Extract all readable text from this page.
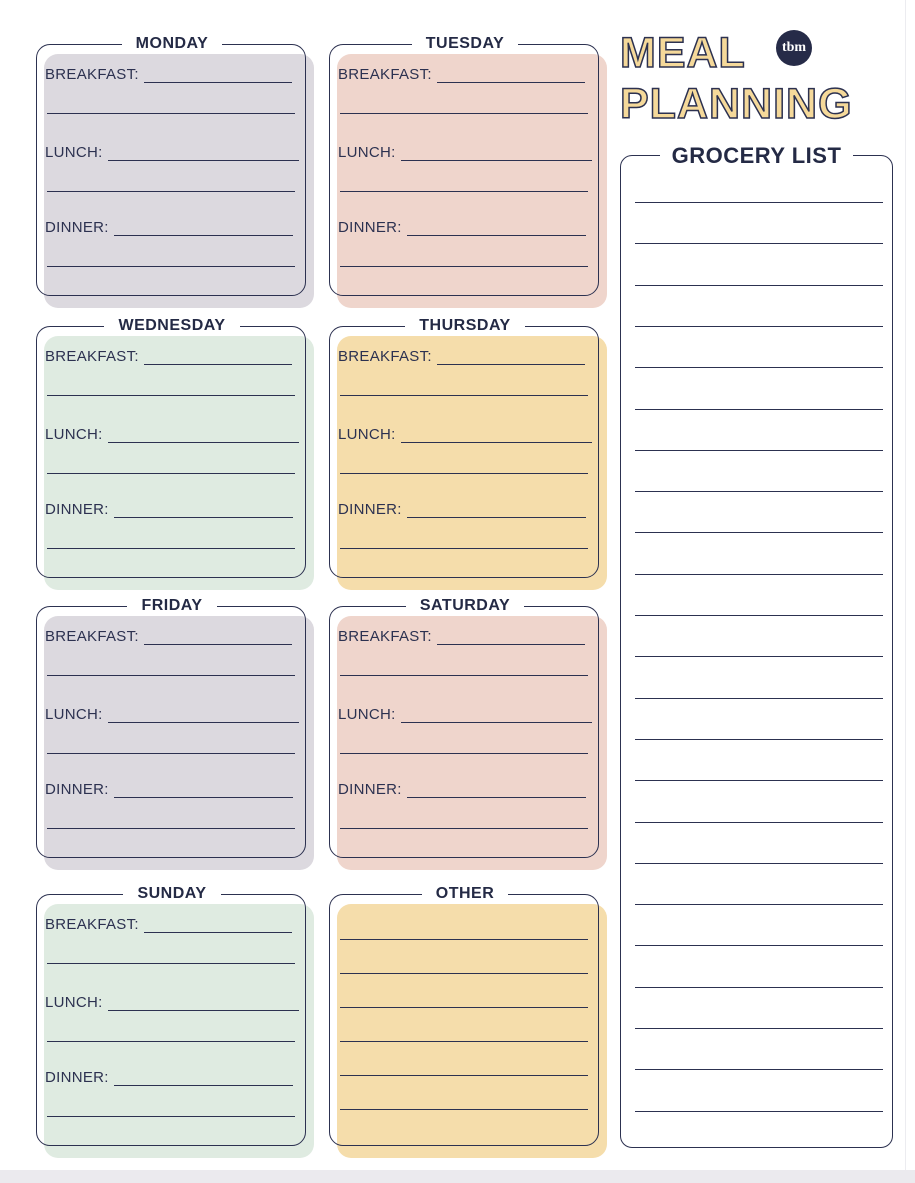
MONDAY
BREAKFAST:
LUNCH:
DINNER:
TUESDAY
BREAKFAST:
LUNCH:
DINNER:
WEDNESDAY
BREAKFAST:
LUNCH:
DINNER:
THURSDAY
BREAKFAST:
LUNCH:
DINNER:
FRIDAY
BREAKFAST:
LUNCH:
DINNER:
SATURDAY
BREAKFAST:
LUNCH:
DINNER:
SUNDAY
BREAKFAST:
LUNCH:
DINNER:
OTHER
MEAL
PLANNING
tbm
GROCERY LIST
